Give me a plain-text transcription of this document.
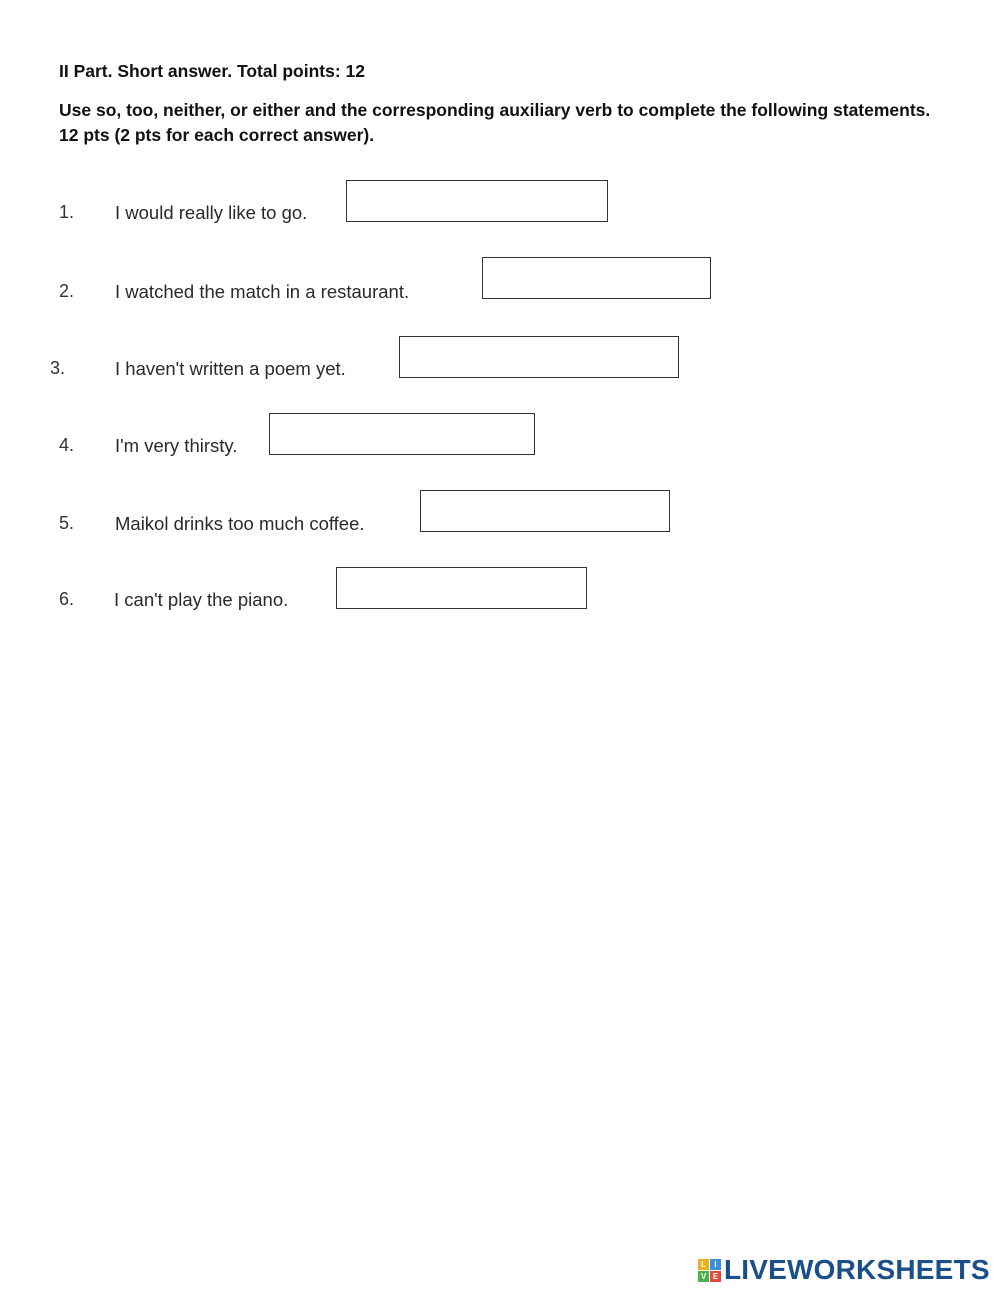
II Part. Short answer. Total points: 12
Use so, too, neither, or either and the corresponding auxiliary verb to complete the following statements. 12 pts (2 pts for each correct answer).
1. I would really like to go.
2. I watched the match in a restaurant.
3.	I haven't written a poem yet.
4. I'm very thirsty.
5. Maikol drinks too much coffee.
6. I can't play the piano.
L	I
V E LIVEWORKSHEETS
